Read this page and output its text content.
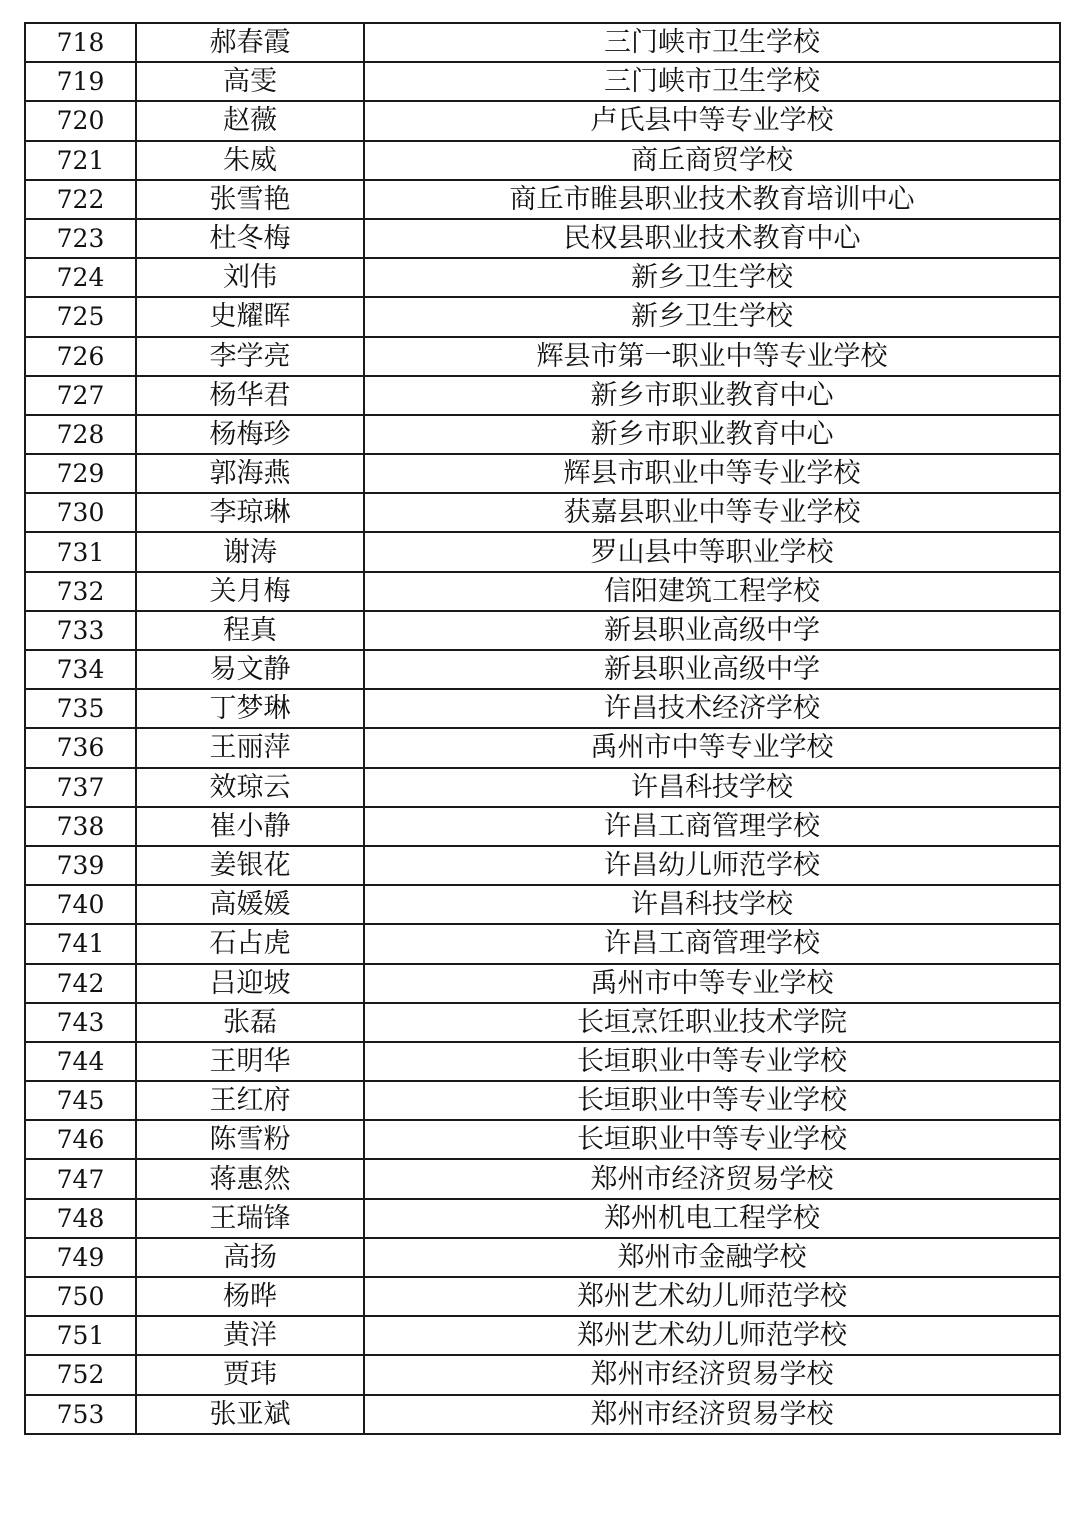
718	郝春霞	三门峡市卫生学校
719	高雯	三门峡市卫生学校
720	赵薇	卢氏县中等专业学校
721	朱威	商丘商贸学校
722	张雪艳	商丘市睢县职业技术教育培训中心
723	杜冬梅	民权县职业技术教育中心
724	刘伟	新乡卫生学校
725	史耀晖	新乡卫生学校
726	李学亮	辉县市第一职业中等专业学校
727	杨华君	新乡市职业教育中心
728	杨梅珍	新乡市职业教育中心
729	郭海燕	辉县市职业中等专业学校
730	李琼琳	获嘉县职业中等专业学校
731	谢涛	罗山县中等职业学校
732	关月梅	信阳建筑工程学校
733	程真	新县职业高级中学
734	易文静	新县职业高级中学
735	丁梦琳	许昌技术经济学校
736	王丽萍	禹州市中等专业学校
737	效琼云	许昌科技学校
738	崔小静	许昌工商管理学校
739	姜银花	许昌幼儿师范学校
740	高媛媛	许昌科技学校
741	石占虎	许昌工商管理学校
742	吕迎坡	禹州市中等专业学校
743	张磊	长垣烹饪职业技术学院
744	王明华	长垣职业中等专业学校
745	王红府	长垣职业中等专业学校
746	陈雪粉	长垣职业中等专业学校
747	蒋惠然	郑州市经济贸易学校
748	王瑞锋	郑州机电工程学校
749	高扬	郑州市金融学校
750	杨晔	郑州艺术幼儿师范学校
751	黄洋	郑州艺术幼儿师范学校
752	贾玮	郑州市经济贸易学校
753	张亚斌	郑州市经济贸易学校
